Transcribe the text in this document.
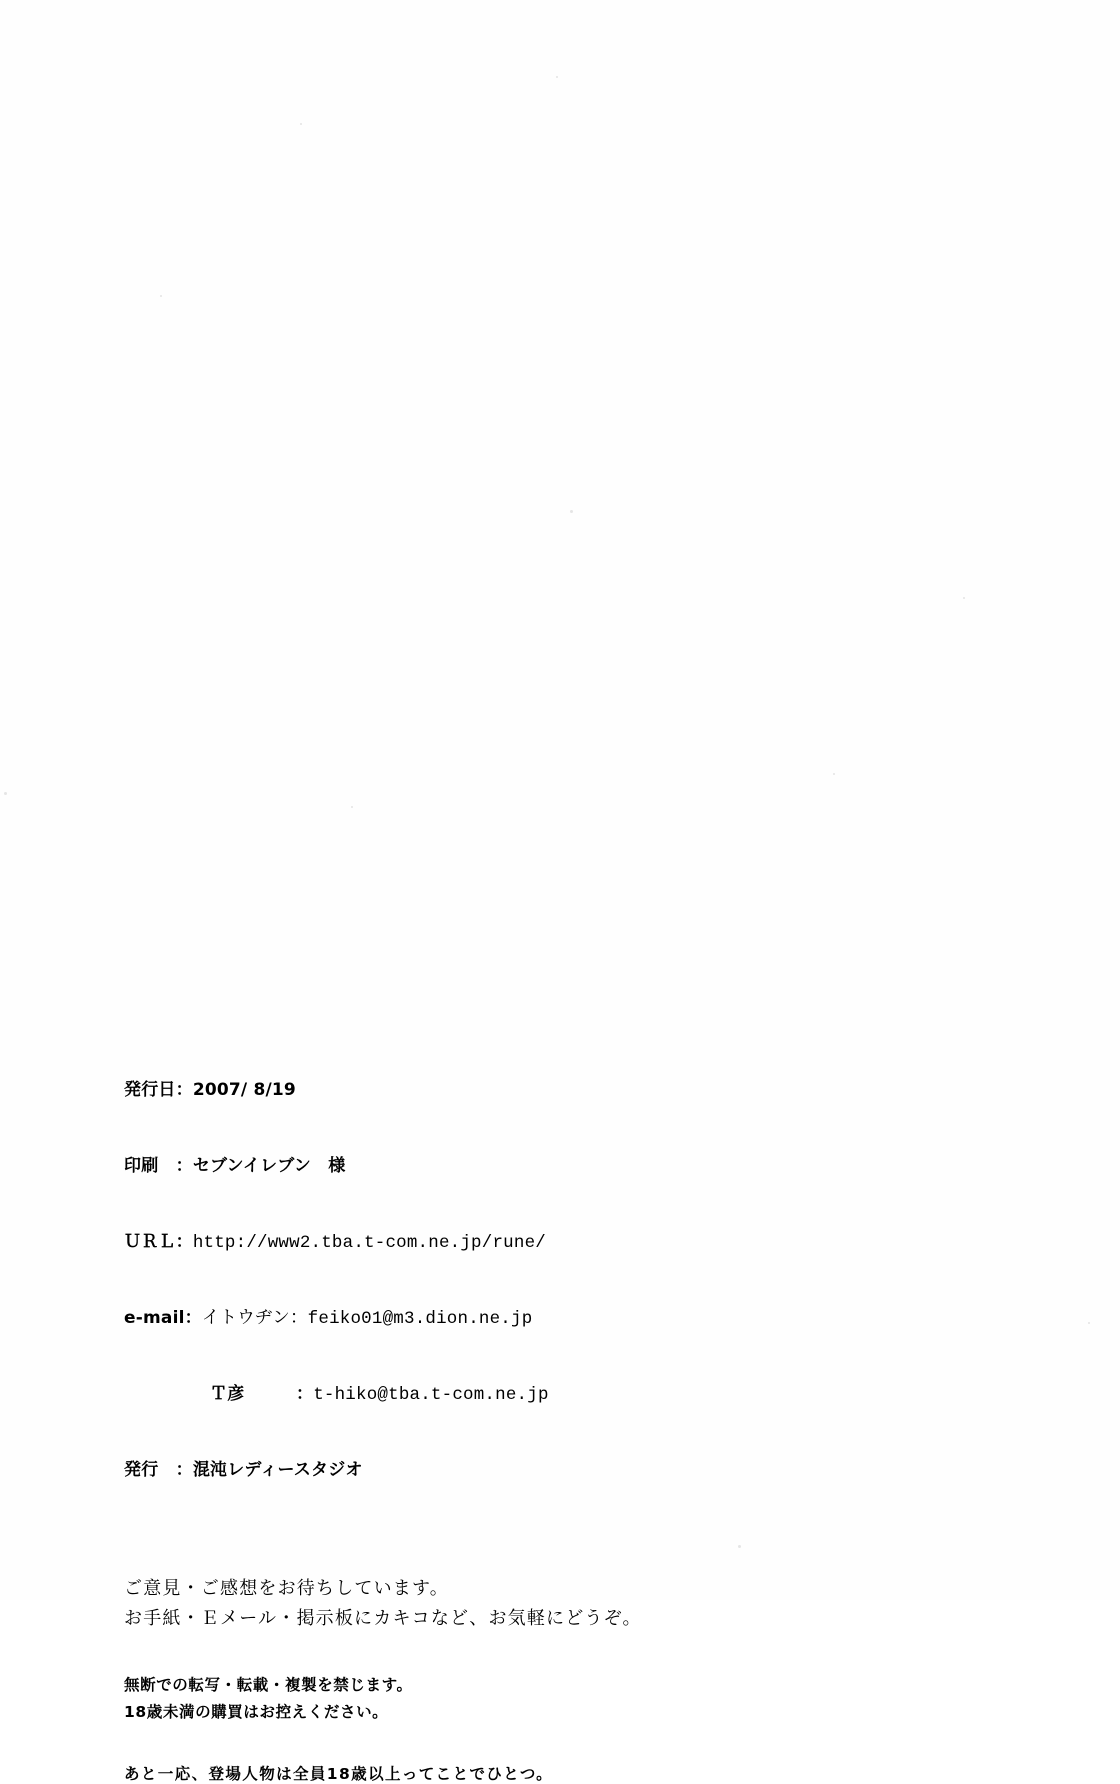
発行日：2007/ 8/19

印刷　：セブンイレブン　様

ＵＲＬ：http://www2.tba.t-com.ne.jp/rune/

e-mail：イトウヂン：feiko01@m3.dion.ne.jp

　　　　　Ｔ彦　　　：t-hiko@tba.t-com.ne.jp

発行　：混沌レディースタジオ

ご意見・ご感想をお待ちしています。
お手紙・Ｅメール・掲示板にカキコなど、お気軽にどうぞ。
無断での転写・転載・複製を禁じます。
18歳未満の購買はお控えください。
あと一応、登場人物は全員18歳以上ってことでひとつ。
